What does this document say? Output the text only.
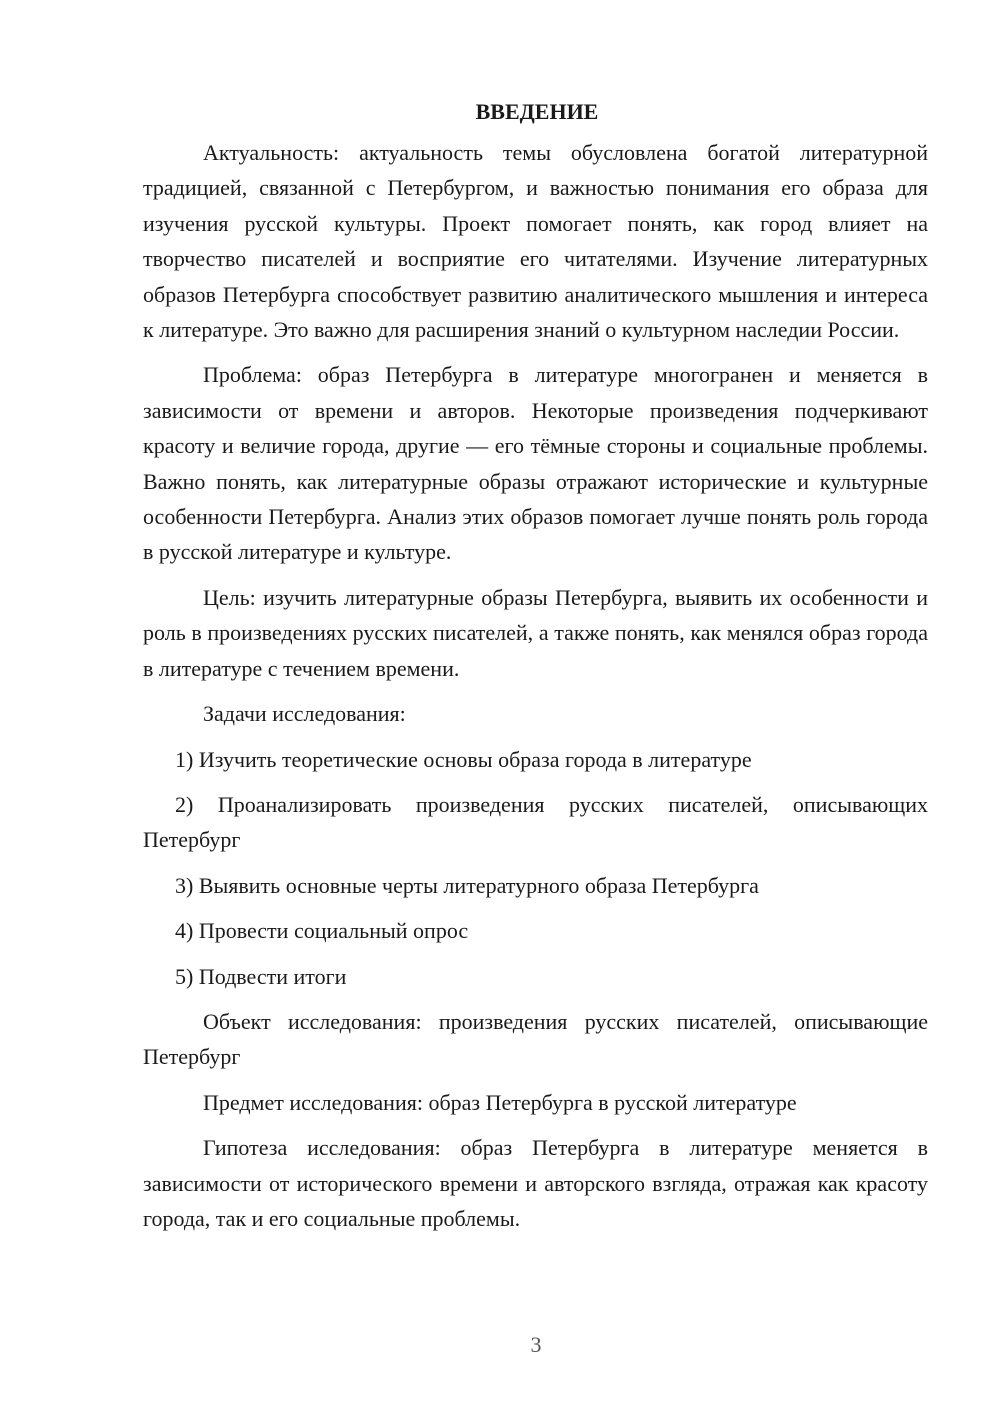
ВВЕДЕНИЕ

Актуальность: актуальность темы обусловлена богатой литературной традицией, связанной с Петербургом, и важностью понимания его образа для изучения русской культуры. Проект помогает понять, как город влияет на творчество писателей и восприятие его читателями. Изучение литературных образов Петербурга способствует развитию аналитического мышления и интереса к литературе. Это важно для расширения знаний о культурном наследии России.

Проблема: образ Петербурга в литературе многогранен и меняется в зависимости от времени и авторов. Некоторые произведения подчеркивают красоту и величие города, другие — его тёмные стороны и социальные проблемы. Важно понять, как литературные образы отражают исторические и культурные особенности Петербурга. Анализ этих образов помогает лучше понять роль города в русской литературе и культуре.

Цель: изучить литературные образы Петербурга, выявить их особенности и роль в произведениях русских писателей, а также понять, как менялся образ города в литературе с течением времени.

Задачи исследования:

1) Изучить теоретические основы образа города в литературе

2) Проанализировать произведения русских писателей, описывающих Петербург

3) Выявить основные черты литературного образа Петербурга

4) Провести социальный опрос

5) Подвести итоги

Объект исследования: произведения русских писателей, описывающие Петербург

Предмет исследования: образ Петербурга в русской литературе

Гипотеза исследования: образ Петербурга в литературе меняется в зависимости от исторического времени и авторского взгляда, отражая как красоту города, так и его социальные проблемы.

3
